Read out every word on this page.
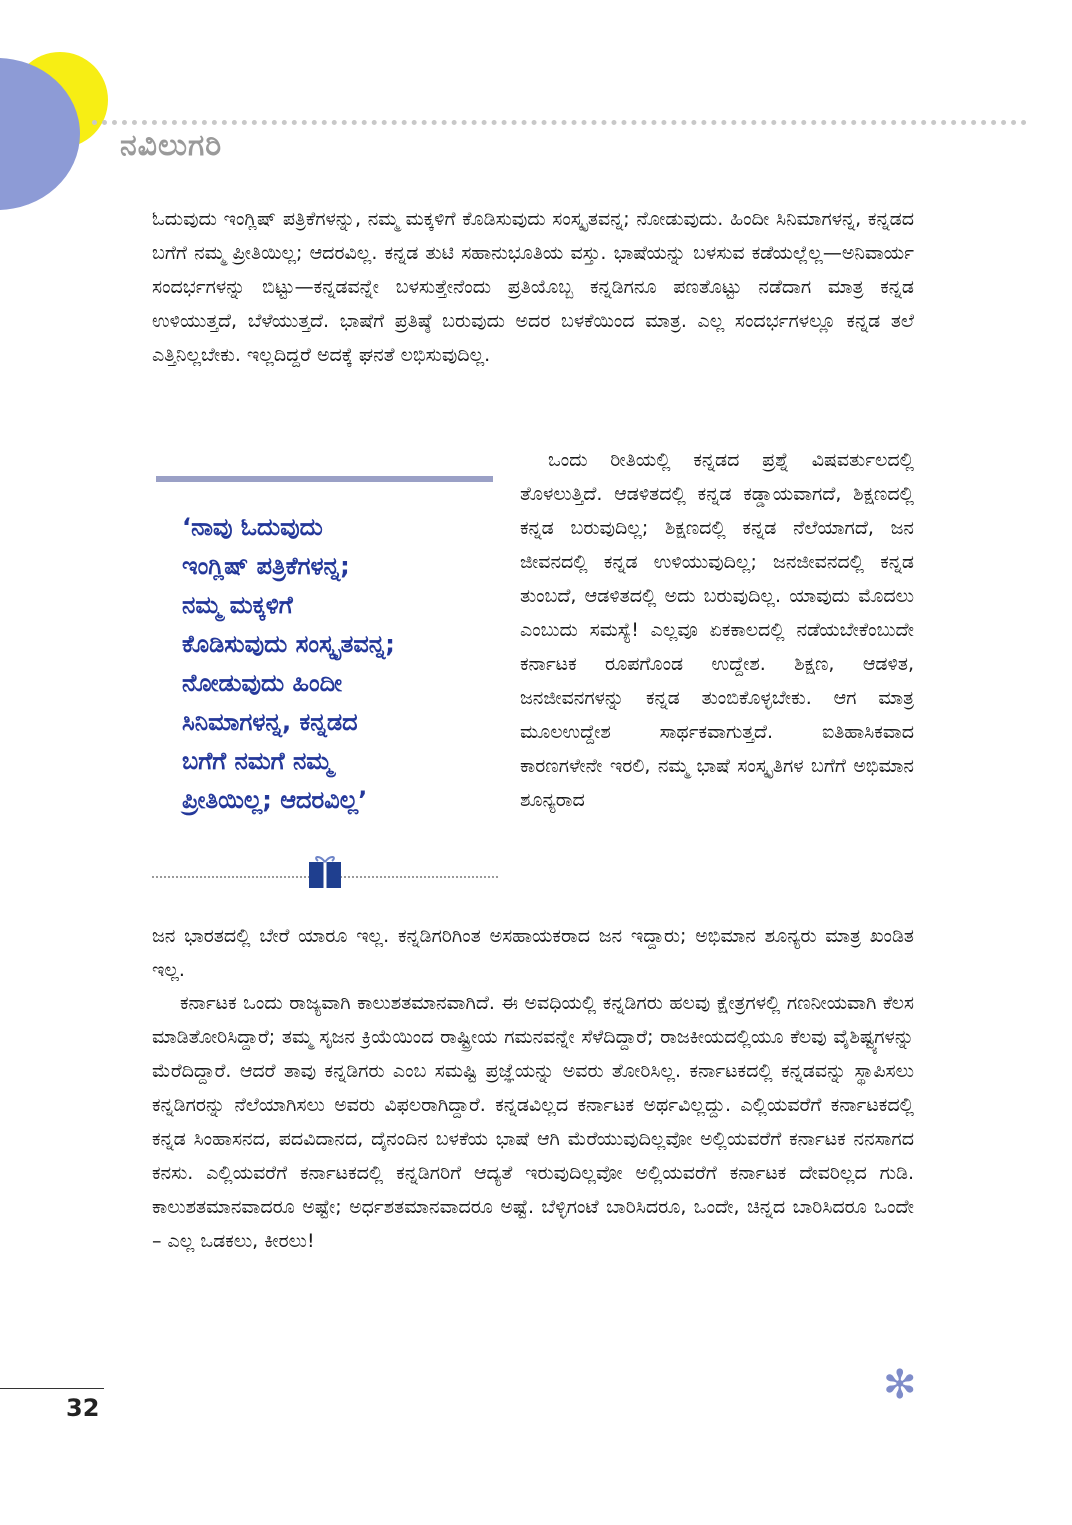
ನವಿಲುಗರಿ

ಓದುವುದು ಇಂಗ್ಲಿಷ್ ಪತ್ರಿಕೆಗಳನ್ನು, ನಮ್ಮ ಮಕ್ಕಳಿಗೆ ಕೊಡಿಸುವುದು ಸಂಸ್ಕೃತವನ್ನ; ನೋಡುವುದು. ಹಿಂದೀ ಸಿನಿಮಾಗಳನ್ನ, ಕನ್ನಡದ ಬಗೆಗೆ ನಮ್ಮ ಪ್ರೀತಿಯಿಲ್ಲ; ಆದರವಿಲ್ಲ. ಕನ್ನಡ ತುಟಿ ಸಹಾನುಭೂತಿಯ ವಸ್ತು. ಭಾಷೆಯನ್ನು ಬಳಸುವ ಕಡೆಯಲ್ಲೆಲ್ಲ—ಅನಿವಾರ್ಯ ಸಂದರ್ಭಗಳನ್ನು ಬಿಟ್ಟು—ಕನ್ನಡವನ್ನೇ ಬಳಸುತ್ತೇನೆಂದು ಪ್ರತಿಯೊಬ್ಬ ಕನ್ನಡಿಗನೂ ಪಣತೊಟ್ಟು ನಡೆದಾಗ ಮಾತ್ರ ಕನ್ನಡ ಉಳಿಯುತ್ತದೆ, ಬೆಳೆಯುತ್ತದೆ. ಭಾಷೆಗೆ ಪ್ರತಿಷ್ಠೆ ಬರುವುದು ಅದರ ಬಳಕೆಯಿಂದ ಮಾತ್ರ. ಎಲ್ಲ ಸಂದರ್ಭಗಳಲ್ಲೂ ಕನ್ನಡ ತಲೆ ಎತ್ತಿನಿಲ್ಲಬೇಕು. ಇಲ್ಲದಿದ್ದರೆ ಅದಕ್ಕೆ ಘನತೆ ಲಭಿಸುವುದಿಲ್ಲ.

‘ನಾವು ಓದುವುದು
ಇಂಗ್ಲಿಷ್ ಪತ್ರಿಕೆಗಳನ್ನ;
ನಮ್ಮ ಮಕ್ಕಳಿಗೆ
ಕೊಡಿಸುವುದು ಸಂಸ್ಕೃತವನ್ನ;
ನೋಡುವುದು ಹಿಂದೀ
ಸಿನಿಮಾಗಳನ್ನ, ಕನ್ನಡದ
ಬಗೆಗೆ ನಮಗೆ ನಮ್ಮ
ಪ್ರೀತಿಯಿಲ್ಲ; ಆದರವಿಲ್ಲ’

ಒಂದು ರೀತಿಯಲ್ಲಿ ಕನ್ನಡದ ಪ್ರಶ್ನೆ ವಿಷವರ್ತುಲದಲ್ಲಿ ತೊಳಲುತ್ತಿದೆ. ಆಡಳಿತದಲ್ಲಿ ಕನ್ನಡ ಕಡ್ಡಾಯವಾಗದೆ, ಶಿಕ್ಷಣದಲ್ಲಿ ಕನ್ನಡ ಬರುವುದಿಲ್ಲ; ಶಿಕ್ಷಣದಲ್ಲಿ ಕನ್ನಡ ನೆಲೆಯಾಗದೆ, ಜನ ಜೀವನದಲ್ಲಿ ಕನ್ನಡ ಉಳಿಯುವುದಿಲ್ಲ; ಜನಜೀವನದಲ್ಲಿ ಕನ್ನಡ ತುಂಬದೆ, ಆಡಳಿತದಲ್ಲಿ ಅದು ಬರುವುದಿಲ್ಲ. ಯಾವುದು ಮೊದಲು ಎಂಬುದು ಸಮಸ್ಯೆ! ಎಲ್ಲವೂ ಏಕಕಾಲದಲ್ಲಿ ನಡೆಯಬೇಕೆಂಬುದೇ ಕರ್ನಾಟಕ ರೂಪಗೊಂಡ ಉದ್ದೇಶ. ಶಿಕ್ಷಣ, ಆಡಳಿತ, ಜನಜೀವನಗಳನ್ನು ಕನ್ನಡ ತುಂಬಿಕೊಳ್ಳಬೇಕು. ಆಗ ಮಾತ್ರ ಮೂಲಉದ್ದೇಶ ಸಾರ್ಥಕವಾಗುತ್ತದೆ. ಐತಿಹಾಸಿಕವಾದ ಕಾರಣಗಳೇನೇ ಇರಲಿ, ನಮ್ಮ ಭಾಷೆ ಸಂಸ್ಕೃತಿಗಳ ಬಗೆಗೆ ಅಭಿಮಾನ ಶೂನ್ಯರಾದ

ಜನ ಭಾರತದಲ್ಲಿ ಬೇರೆ ಯಾರೂ ಇಲ್ಲ. ಕನ್ನಡಿಗರಿಗಿಂತ ಅಸಹಾಯಕರಾದ ಜನ ಇದ್ದಾರು; ಅಭಿಮಾನ ಶೂನ್ಯರು ಮಾತ್ರ ಖಂಡಿತ ಇಲ್ಲ.

ಕರ್ನಾಟಕ ಒಂದು ರಾಜ್ಯವಾಗಿ ಕಾಲುಶತಮಾನವಾಗಿದೆ. ಈ ಅವಧಿಯಲ್ಲಿ ಕನ್ನಡಿಗರು ಹಲವು ಕ್ಷೇತ್ರಗಳಲ್ಲಿ ಗಣನೀಯವಾಗಿ ಕೆಲಸ ಮಾಡಿತೋರಿಸಿದ್ದಾರೆ; ತಮ್ಮ ಸೃಜನ ಕ್ರಿಯೆಯಿಂದ ರಾಷ್ಟ್ರೀಯ ಗಮನವನ್ನೇ ಸೆಳೆದಿದ್ದಾರೆ; ರಾಜಕೀಯದಲ್ಲಿಯೂ ಕೆಲವು ವೈಶಿಷ್ಟ್ಯಗಳನ್ನು ಮೆರೆದಿದ್ದಾರೆ. ಆದರೆ ತಾವು ಕನ್ನಡಿಗರು ಎಂಬ ಸಮಷ್ಟಿ ಪ್ರಜ್ಞೆಯನ್ನು ಅವರು ತೋರಿಸಿಲ್ಲ. ಕರ್ನಾಟಕದಲ್ಲಿ ಕನ್ನಡವನ್ನು ಸ್ಥಾಪಿಸಲು ಕನ್ನಡಿಗರನ್ನು ನೆಲೆಯಾಗಿಸಲು ಅವರು ವಿಫಲರಾಗಿದ್ದಾರೆ. ಕನ್ನಡವಿಲ್ಲದ ಕರ್ನಾಟಕ ಅರ್ಥವಿಲ್ಲದ್ದು. ಎಲ್ಲಿಯವರೆಗೆ ಕರ್ನಾಟಕದಲ್ಲಿ ಕನ್ನಡ ಸಿಂಹಾಸನದ, ಪದವಿದಾನದ, ದೈನಂದಿನ ಬಳಕೆಯ ಭಾಷೆ ಆಗಿ ಮೆರೆಯುವುದಿಲ್ಲವೋ ಅಲ್ಲಿಯವರೆಗೆ ಕರ್ನಾಟಕ ನನಸಾಗದ ಕನಸು. ಎಲ್ಲಿಯವರೆಗೆ ಕರ್ನಾಟಕದಲ್ಲಿ ಕನ್ನಡಿಗರಿಗೆ ಆದ್ಯತೆ ಇರುವುದಿಲ್ಲವೋ ಅಲ್ಲಿಯವರೆಗೆ ಕರ್ನಾಟಕ ದೇವರಿಲ್ಲದ ಗುಡಿ. ಕಾಲುಶತಮಾನವಾದರೂ ಅಷ್ಟೇ; ಅರ್ಧಶತಮಾನವಾದರೂ ಅಷ್ಟೆ. ಬೆಳ್ಳಿಗಂಟೆ ಬಾರಿಸಿದರೂ, ಒಂದೇ, ಚಿನ್ನದ ಬಾರಿಸಿದರೂ ಒಂದೇ – ಎಲ್ಲ ಒಡಕಲು, ಕೀರಲು!

✻
32
